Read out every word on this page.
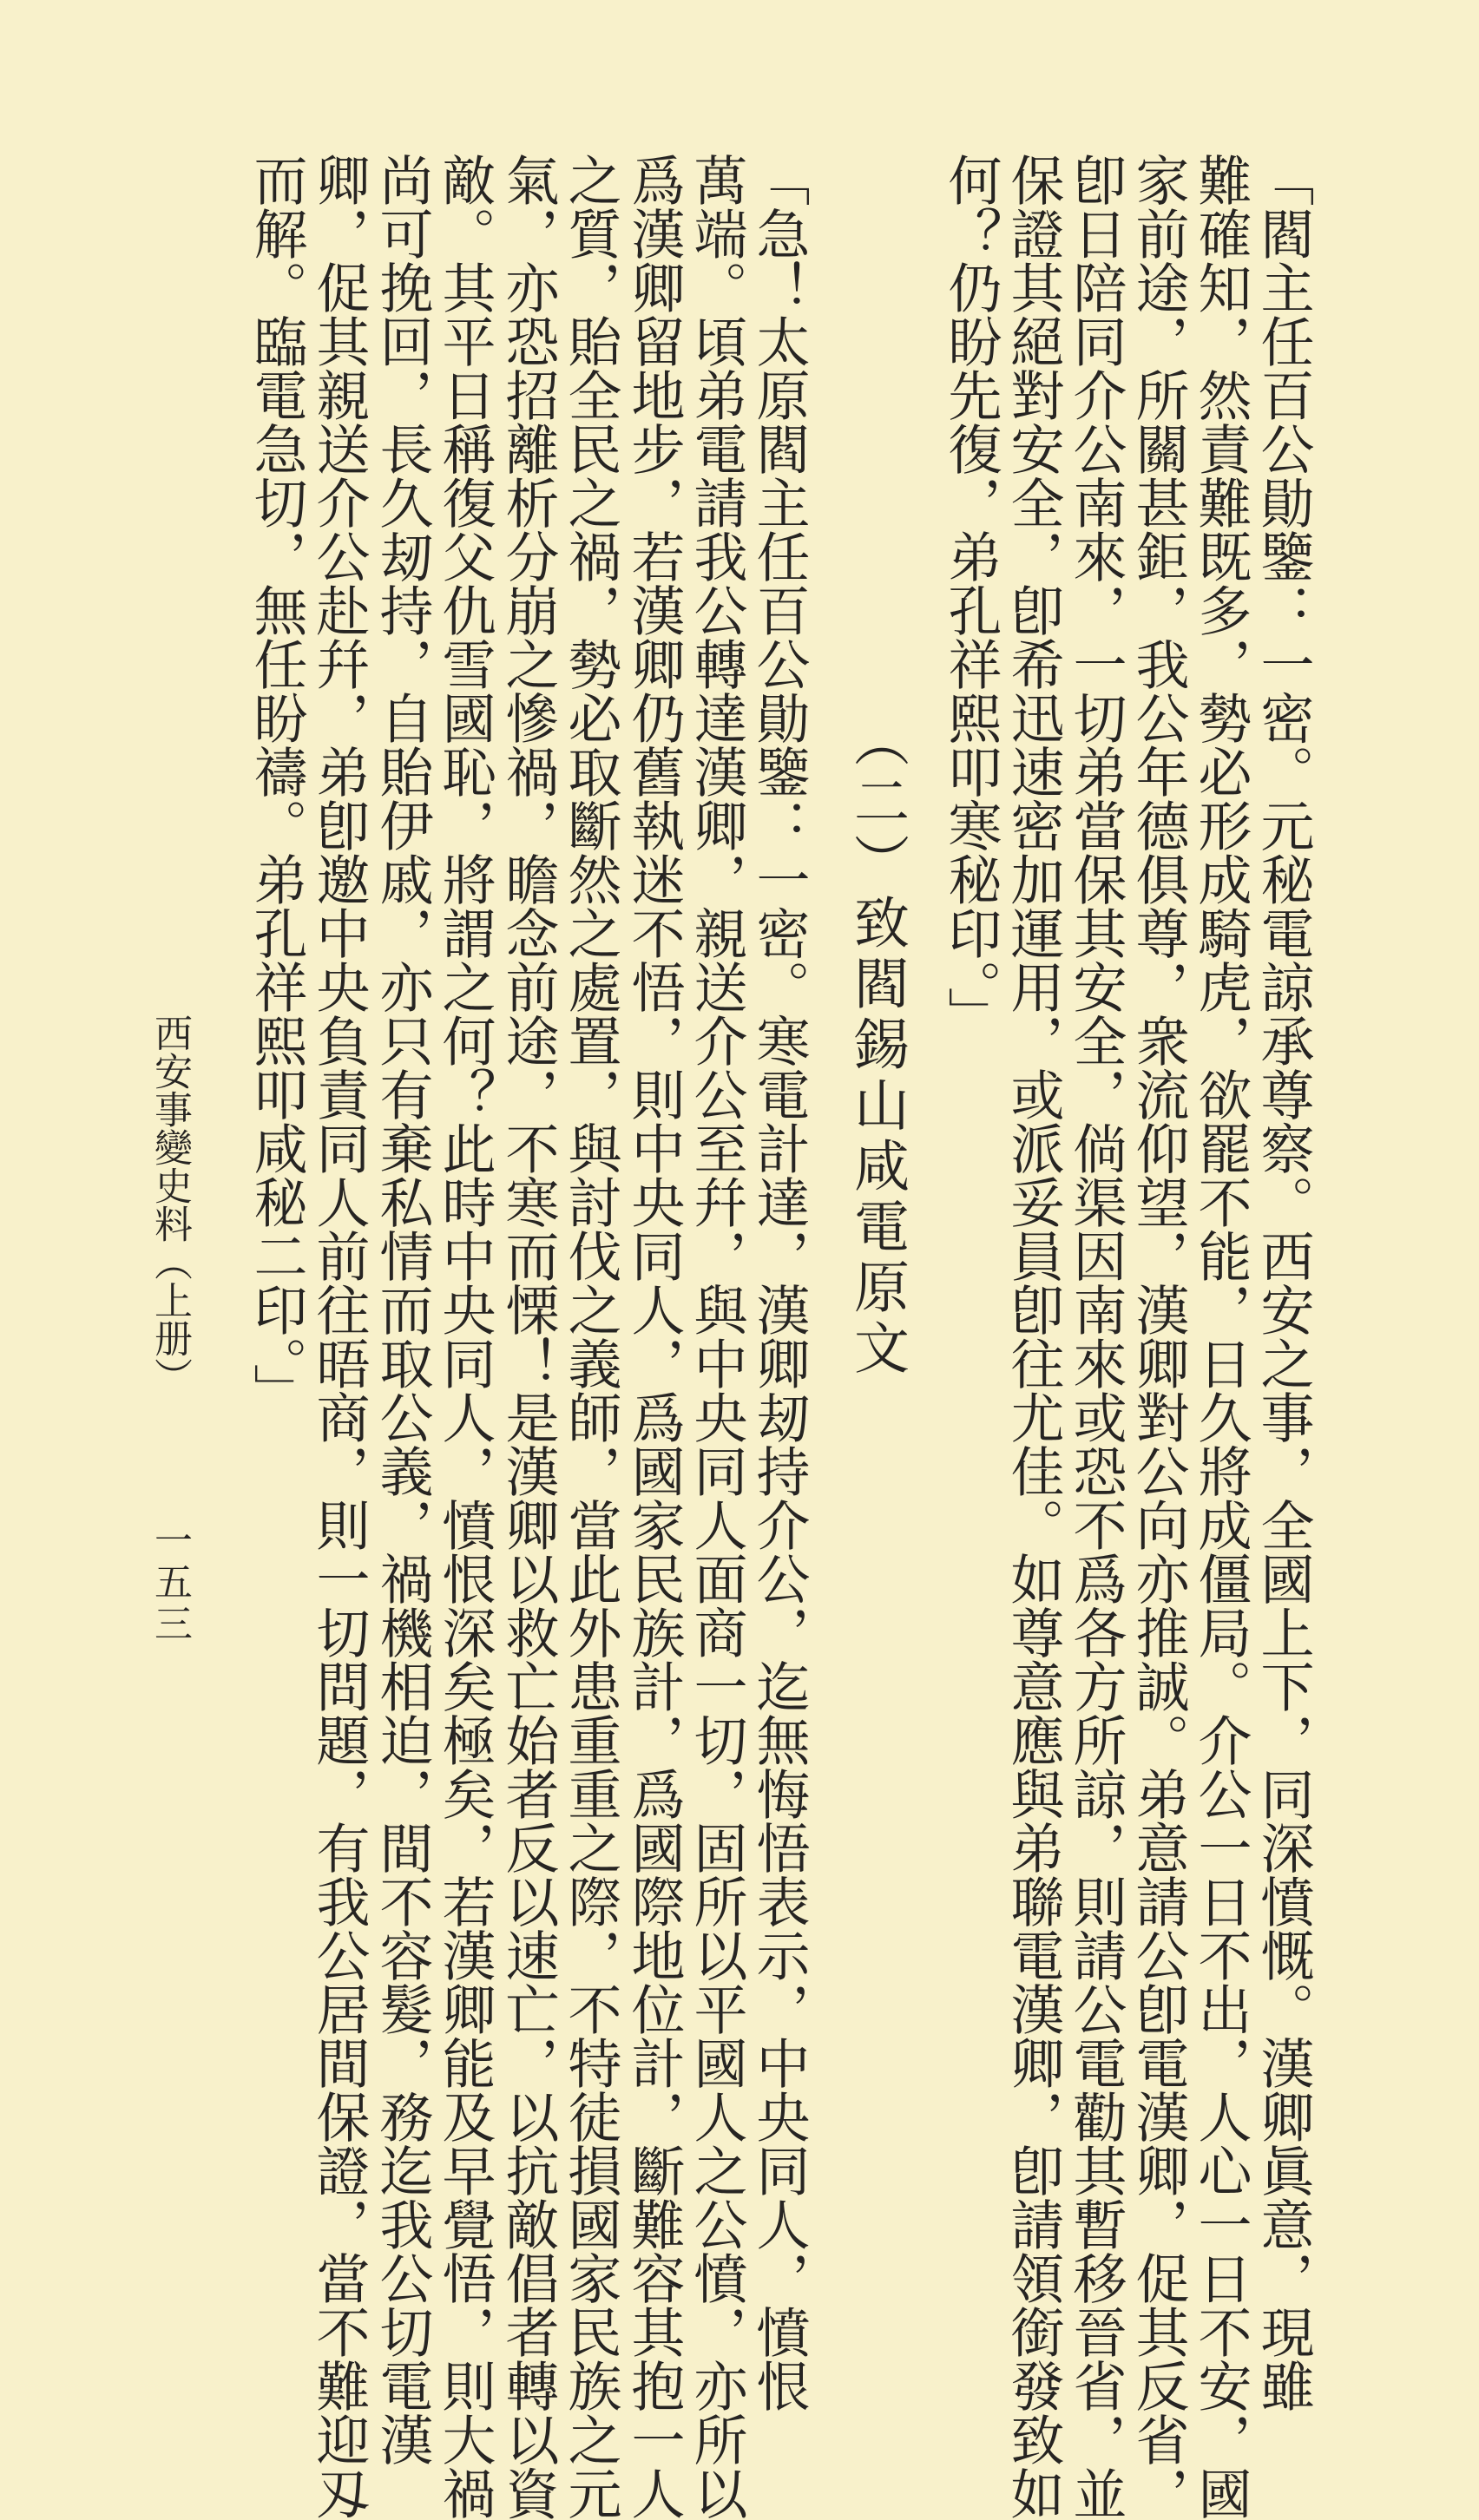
「閻主任百公勛鑒：一密。元秘電諒承尊察。西安之事，全國上下，同深憤慨。漢卿眞意，現雖
難確知，然責難既多，勢必形成騎虎，欲罷不能，日久將成僵局。介公一日不出，人心一日不安，國
家前途，所關甚鉅，我公年德俱尊，衆流仰望，漢卿對公向亦推誠。弟意請公卽電漢卿，促其反省，
卽日陪同介公南來，一切弟當保其安全，倘渠因南來或恐不爲各方所諒，則請公電勸其暫移晉省，並
保證其絕對安全，卽希迅速密加運用，或派妥員卽往尤佳。如尊意應與弟聯電漢卿，卽請領銜發致如
何？仍盼先復，弟孔祥熙叩寒秘印。」
（二）致閻錫山咸電原文
「急！太原閻主任百公勛鑒：一密。寒電計達，漢卿刼持介公，迄無悔悟表示，中央同人，憤恨
萬端。頃弟電請我公轉達漢卿，親送介公至幷，與中央同人面商一切，固所以平國人之公憤，亦所以
爲漢卿留地步，若漢卿仍舊執迷不悟，則中央同人，爲國家民族計，爲國際地位計，斷難容其抱一人
之質，貽全民之禍，勢必取斷然之處置，與討伐之義師，當此外患重重之際，不特徒損國家民族之元
氣，亦恐招離析分崩之慘禍，瞻念前途，不寒而慄！是漢卿以救亡始者反以速亡，以抗敵倡者轉以資
敵。其平日稱復父仇雪國恥，將謂之何？此時中央同人，憤恨深矣極矣，若漢卿能及早覺悟，則大禍
尚可挽回，長久刼持，自貽伊戚，亦只有棄私情而取公義，禍機相迫，間不容髮，務迄我公切電漢
卿，促其親送介公赴幷，弟卽邀中央負責同人前往晤商，則一切問題，有我公居間保證，當不難迎刄
而解。臨電急切，無任盼禱。弟孔祥熙叩咸秘二印。」
西安事變史料（上册）
一五三
